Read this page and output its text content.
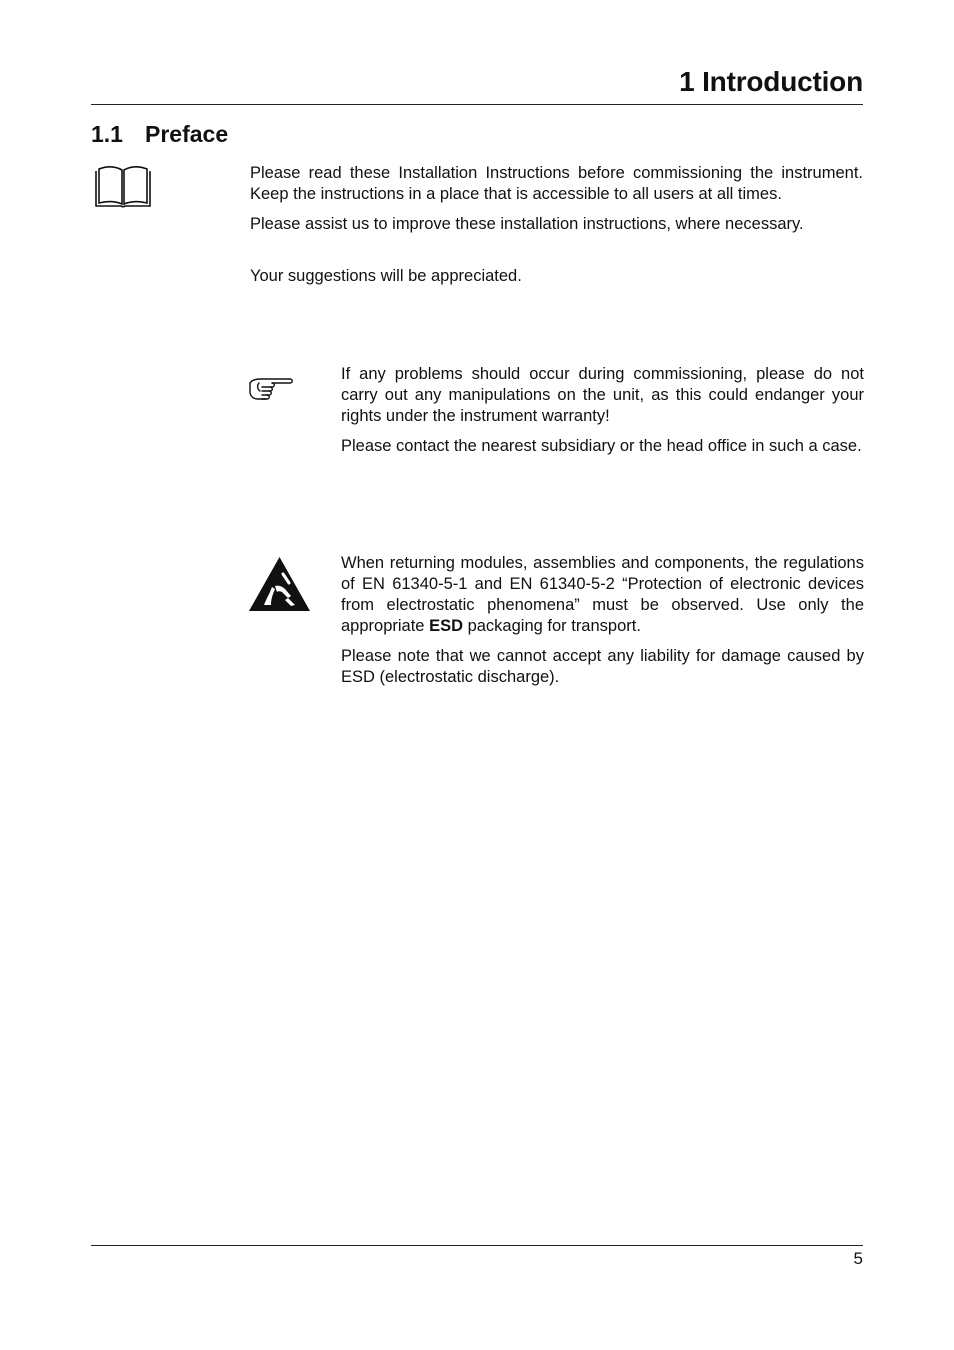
1 Introduction
1.1 Preface

Please read these Installation Instructions before commissioning the instrument. Keep the instructions in a place that is accessible to all users at all times.

Please assist us to improve these installation instructions, where necessary.

Your suggestions will be appreciated.

If any problems should occur during commissioning, please do not carry out any manipulations on the unit, as this could endanger your rights under the instrument warranty!

Please contact the nearest subsidiary or the head office in such a case.

When returning modules, assemblies and components, the regulations of EN 61340-5-1 and EN 61340-5-2 “Protection of electronic devices from electrostatic phenomena” must be observed. Use only the appropriate ESD packaging for transport.

Please note that we cannot accept any liability for damage caused by ESD (electrostatic discharge).

5
